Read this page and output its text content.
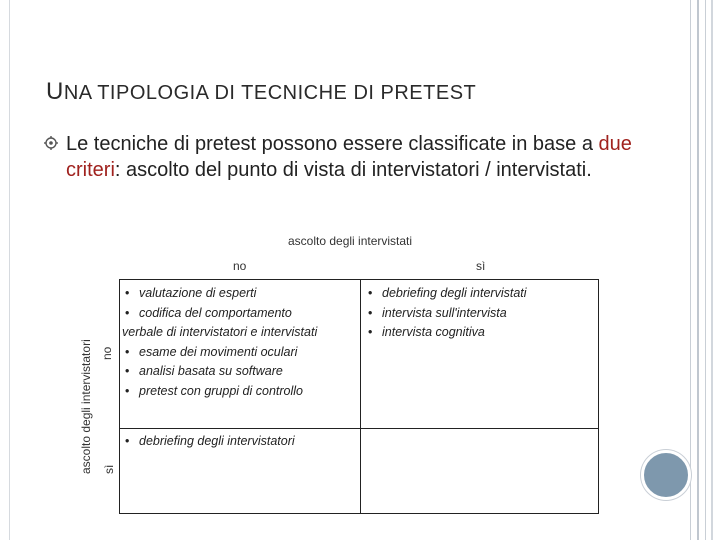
UNA TIPOLOGIA DI TECNICHE DI PRETEST
Le tecniche di pretest possono essere classificate in base a due criteri: ascolto del punto di vista di intervistatori / intervistati.
ascolto degli intervistati
no	sì
ascolto degli intervistatori no
sì
• valutazione di esperti
• codifica del comportamento
verbale di intervistatori e intervistati
• esame dei movimenti oculari
• analisi basata su software
• pretest con gruppi di controllo
• debriefing degli intervistati
• intervista sull'intervista
• intervista cognitiva
• debriefing degli intervistatori
